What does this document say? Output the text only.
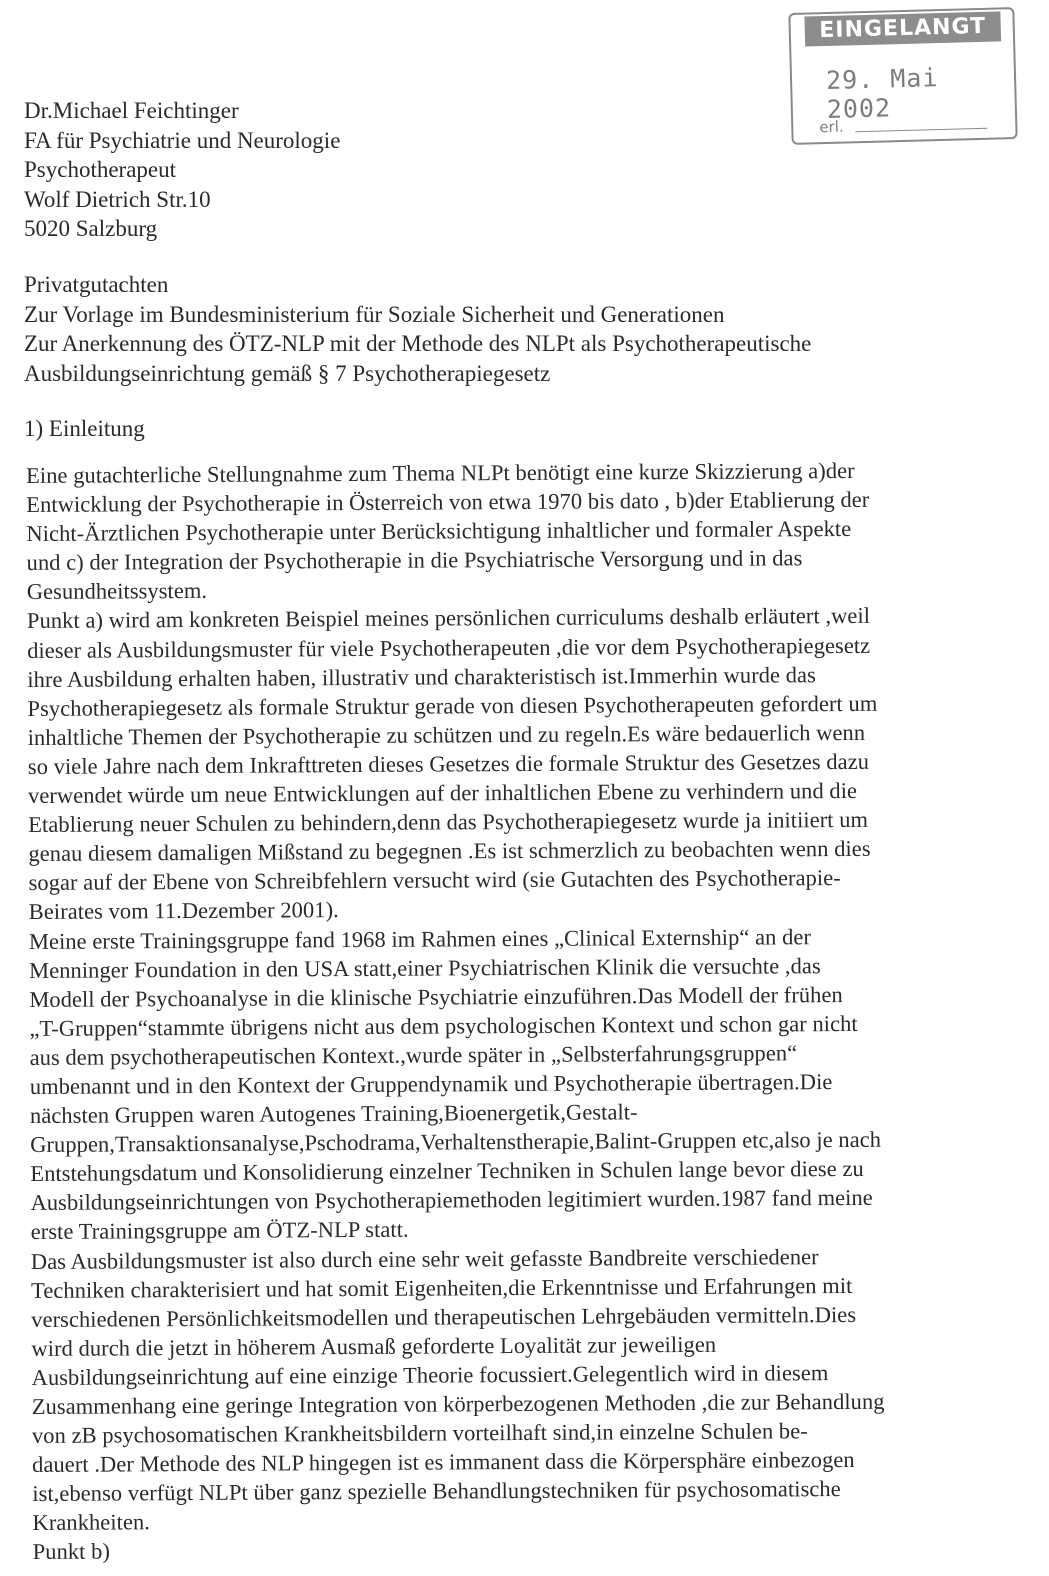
EINGELANGT
29. Mai 2002
erl.
Dr.Michael Feichtinger
FA für Psychiatrie und Neurologie
Psychotherapeut
Wolf Dietrich Str.10
5020 Salzburg
Privatgutachten
Zur Vorlage im Bundesministerium für Soziale Sicherheit und Generationen
Zur Anerkennung des ÖTZ-NLP mit der Methode des NLPt als Psychotherapeutische
Ausbildungseinrichtung gemäß § 7 Psychotherapiegesetz
1) Einleitung
Eine gutachterliche Stellungnahme zum Thema NLPt benötigt eine kurze Skizzierung a)der
Entwicklung der Psychotherapie in Österreich von etwa 1970 bis dato , b)der Etablierung der
Nicht-Ärztlichen Psychotherapie unter Berücksichtigung inhaltlicher und formaler Aspekte
und c) der Integration der Psychotherapie in die Psychiatrische Versorgung und in das
Gesundheitssystem.
Punkt a) wird am konkreten Beispiel meines persönlichen curriculums deshalb erläutert ,weil
dieser als Ausbildungsmuster für viele Psychotherapeuten ,die vor dem Psychotherapiegesetz
ihre Ausbildung erhalten haben, illustrativ und charakteristisch ist.Immerhin wurde das
Psychotherapiegesetz als formale Struktur gerade von diesen Psychotherapeuten gefordert um
inhaltliche Themen der Psychotherapie zu schützen und zu regeln.Es wäre bedauerlich wenn
so viele Jahre nach dem Inkrafttreten dieses Gesetzes die formale Struktur des Gesetzes dazu
verwendet würde um neue Entwicklungen auf der inhaltlichen Ebene zu verhindern und die
Etablierung neuer Schulen zu behindern,denn das Psychotherapiegesetz wurde ja initiiert um
genau diesem damaligen Mißstand zu begegnen .Es ist schmerzlich zu beobachten wenn dies
sogar auf der Ebene von Schreibfehlern versucht wird (sie Gutachten des Psychotherapie-
Beirates vom 11.Dezember 2001).
Meine erste Trainingsgruppe fand 1968 im Rahmen eines „Clinical Externship“ an der
Menninger Foundation in den USA statt,einer Psychiatrischen Klinik die versuchte ,das
Modell der Psychoanalyse in die klinische Psychiatrie einzuführen.Das Modell der frühen
„T-Gruppen“stammte übrigens nicht aus dem psychologischen Kontext und schon gar nicht
aus dem psychotherapeutischen Kontext.,wurde später in „Selbsterfahrungsgruppen“
umbenannt und in den Kontext der Gruppendynamik und Psychotherapie übertragen.Die
nächsten Gruppen waren Autogenes Training,Bioenergetik,Gestalt-
Gruppen,Transaktionsanalyse,Pschodrama,Verhaltenstherapie,Balint-Gruppen etc,also je nach
Entstehungsdatum und Konsolidierung einzelner Techniken in Schulen lange bevor diese zu
Ausbildungseinrichtungen von Psychotherapiemethoden legitimiert wurden.1987 fand meine
erste Trainingsgruppe am ÖTZ-NLP statt.
Das Ausbildungsmuster ist also durch eine sehr weit gefasste Bandbreite verschiedener
Techniken charakterisiert und hat somit Eigenheiten,die Erkenntnisse und Erfahrungen mit
verschiedenen Persönlichkeitsmodellen und therapeutischen Lehrgebäuden vermitteln.Dies
wird durch die jetzt in höherem Ausmaß geforderte Loyalität zur jeweiligen
Ausbildungseinrichtung auf eine einzige Theorie focussiert.Gelegentlich wird in diesem
Zusammenhang eine geringe Integration von körperbezogenen Methoden ,die zur Behandlung
von zB psychosomatischen Krankheitsbildern vorteilhaft sind,in einzelne Schulen be-
dauert .Der Methode des NLP hingegen ist es immanent dass die Körpersphäre einbezogen
ist,ebenso verfügt NLPt über ganz spezielle Behandlungstechniken für psychosomatische
Krankheiten.
Punkt b)
